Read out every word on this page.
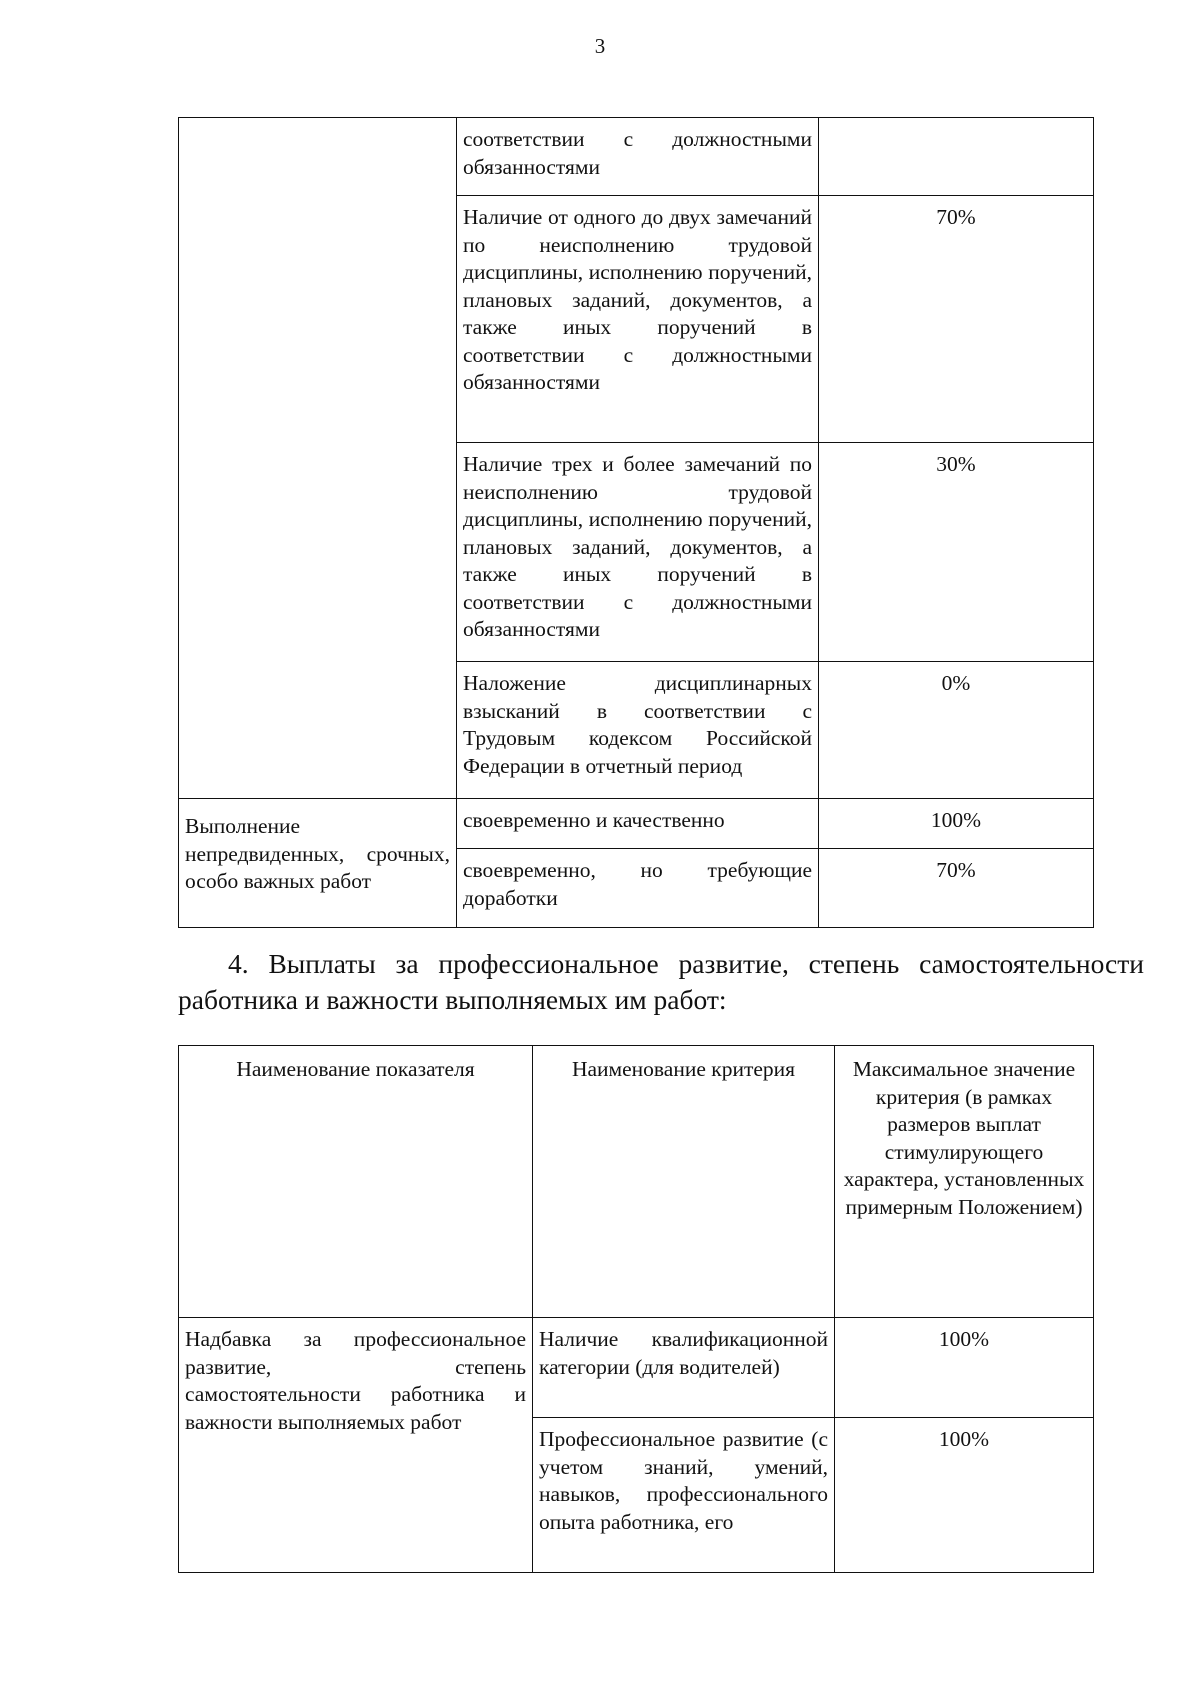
3
	соответствии с должностными обязанностями	
	Наличие от одного до двух замечаний по неисполнению трудовой дисциплины, исполнению поручений, плановых заданий, документов, а также иных поручений в соответствии с должностными обязанностями	70%
	Наличие трех и более замечаний по неисполнению трудовой дисциплины, исполнению поручений, плановых заданий, документов, а также иных поручений в соответствии с должностными обязанностями	30%
	Наложение дисциплинарных взысканий в соответствии с Трудовым кодексом Российской Федерации в отчетный период	0%
Выполнение непредвиденных, срочных, особо важных работ	своевременно и качественно	100%
	своевременно, но требующие доработки	70%
4. Выплаты за профессиональное развитие, степень самостоятельности работника и важности выполняемых им работ:
Наименование показателя	Наименование критерия	Максимальное значение критерия (в рамках размеров выплат стимулирующего характера, установленных примерным Положением)
Надбавка за профессиональное развитие, степень самостоятельности работника и важности выполняемых работ	Наличие квалификационной категории (для водителей)	100%
	Профессиональное развитие (с учетом знаний, умений, навыков, профессионального опыта работника, его	100%
